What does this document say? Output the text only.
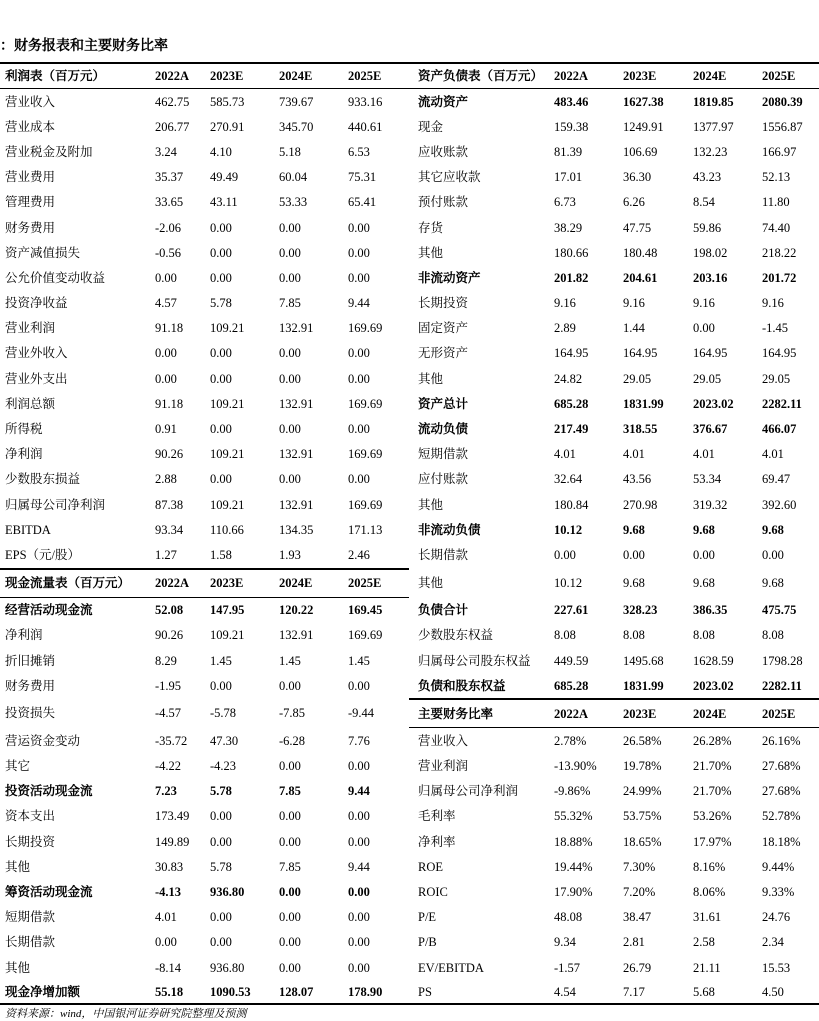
：财务报表和主要财务比率
利润表（百万元）	2022A	2023E	2024E	2025E	资产负债表（百万元） 2022A	2023E	2024E	2025E
营业收入	462.75	585.73	739.67	933.16	流动资产	483.46	1627.38	1819.85	2080.39
营业成本	206.77	270.91	345.70	440.61	现金	159.38	1249.91	1377.97	1556.87
营业税金及附加	3.24	4.10	5.18	6.53	应收账款	81.39	106.69	132.23	166.97
营业费用	35.37	49.49	60.04	75.31	其它应收款	17.01	36.30	43.23	52.13
管理费用	33.65	43.11	53.33	65.41	预付账款	6.73	6.26	8.54	11.80
财务费用	-2.06	0.00	0.00	0.00	存货	38.29	47.75	59.86	74.40
资产减值损失	-0.56	0.00	0.00	0.00	其他	180.66	180.48	198.02	218.22
公允价值变动收益	0.00	0.00	0.00	0.00	非流动资产	201.82	204.61	203.16	201.72
投资净收益	4.57	5.78	7.85	9.44	长期投资	9.16	9.16	9.16	9.16
营业利润	91.18	109.21	132.91	169.69	固定资产	2.89	1.44	0.00	-1.45
营业外收入	0.00	0.00	0.00	0.00	无形资产	164.95	164.95	164.95	164.95
营业外支出	0.00	0.00	0.00	0.00	其他	24.82	29.05	29.05	29.05
利润总额	91.18	109.21	132.91	169.69	资产总计	685.28	1831.99	2023.02	2282.11
所得税	0.91	0.00	0.00	0.00	流动负债	217.49	318.55	376.67	466.07
净利润	90.26	109.21	132.91	169.69	短期借款	4.01	4.01	4.01	4.01
少数股东损益	2.88	0.00	0.00	0.00	应付账款	32.64	43.56	53.34	69.47
归属母公司净利润	87.38	109.21	132.91	169.69	其他	180.84	270.98	319.32	392.60
EBITDA	93.34	110.66	134.35	171.13	非流动负债	10.12	9.68	9.68	9.68
EPS（元/股）	1.27	1.58	1.93	2.46	长期借款	0.00	0.00	0.00	0.00
现金流量表（百万元）	2022A	2023E	2024E	2025E	其他	10.12	9.68	9.68	9.68
经营活动现金流	52.08	147.95	120.22	169.45	负债合计	227.61	328.23	386.35	475.75
净利润	90.26	109.21	132.91	169.69	少数股东权益	8.08	8.08	8.08	8.08
折旧摊销	8.29	1.45	1.45	1.45	归属母公司股东权益	449.59	1495.68	1628.59	1798.28
财务费用	-1.95	0.00	0.00	0.00	负债和股东权益	685.28	1831.99	2023.02	2282.11
投资损失	-4.57	-5.78	-7.85	-9.44	主要财务比率	2022A	2023E	2024E	2025E
营运资金变动	-35.72	47.30	-6.28	7.76	营业收入	2.78%	26.58%	26.28%	26.16%
其它	-4.22	-4.23	0.00	0.00	营业利润	-13.90%	19.78%	21.70%	27.68%
投资活动现金流	7.23	5.78	7.85	9.44	归属母公司净利润	-9.86%	24.99%	21.70%	27.68%
资本支出	173.49	0.00	0.00	0.00	毛利率	55.32%	53.75%	53.26%	52.78%
长期投资	149.89	0.00	0.00	0.00	净利率	18.88%	18.65%	17.97%	18.18%
其他	30.83	5.78	7.85	9.44	ROE	19.44%	7.30%	8.16%	9.44%
筹资活动现金流	-4.13	936.80	0.00	0.00	ROIC	17.90%	7.20%	8.06%	9.33%
短期借款	4.01	0.00	0.00	0.00	P/E	48.08	38.47	31.61	24.76
长期借款	0.00	0.00	0.00	0.00	P/B	9.34	2.81	2.58	2.34
其他	-8.14	936.80	0.00	0.00	EV/EBITDA	-1.57	26.79	21.11	15.53
现金净增加额	55.18	1090.53	128.07	178.90	PS	4.54	7.17	5.68	4.50
资料来源：wind，中国银河证券研究院整理及预测
